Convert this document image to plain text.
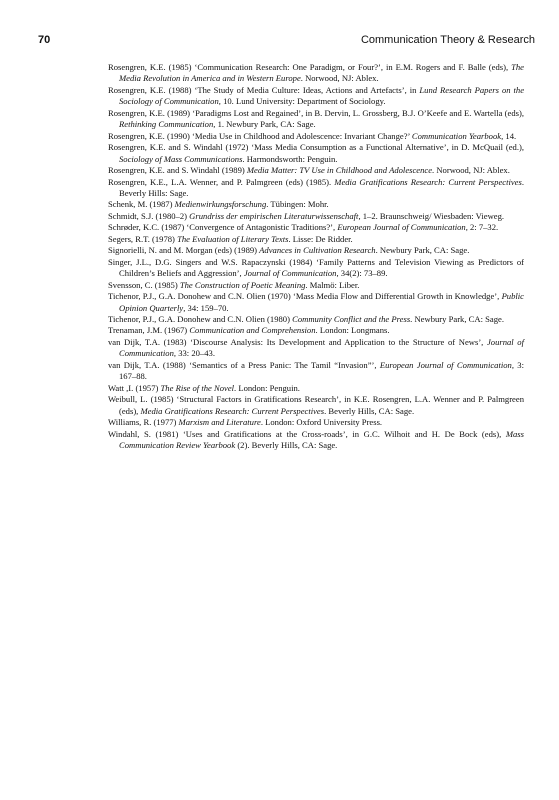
70	Communication Theory & Research

Rosengren, K.E. (1985) ‘Communication Research: One Paradigm, or Four?’, in E.M. Rogers and F. Balle (eds), The Media Revolution in America and in Western Europe. Norwood, NJ: Ablex.

Rosengren, K.E. (1988) ‘The Study of Media Culture: Ideas, Actions and Artefacts’, in Lund Research Papers on the Sociology of Communication, 10. Lund University: Department of Sociology.

Rosengren, K.E. (1989) ‘Paradigms Lost and Regained’, in B. Dervin, L. Grossberg, B.J. O’Keefe and E. Wartella (eds), Rethinking Communication, 1. Newbury Park, CA: Sage.

Rosengren, K.E. (1990) ‘Media Use in Childhood and Adolescence: Invariant Change?’ Communication Yearbook, 14.

Rosengren, K.E. and S. Windahl (1972) ‘Mass Media Consumption as a Functional Alternative’, in D. McQuail (ed.), Sociology of Mass Communications. Harmondsworth: Penguin.

Rosengren, K.E. and S. Windahl (1989) Media Matter: TV Use in Childhood and Adolescence. Norwood, NJ: Ablex.

Rosengren, K.E., L.A. Wenner, and P. Palmgreen (eds) (1985). Media Gratifications Research: Current Perspectives. Beverly Hills: Sage.

Schenk, M. (1987) Medienwirkungsforschung. Tübingen: Mohr.

Schmidt, S.J. (1980–2) Grundriss der empirischen Literaturwissenschaft, 1–2. Braunschweig/ Wiesbaden: Vieweg.

Schrøder, K.C. (1987) ‘Convergence of Antagonistic Traditions?’, European Journal of Communication, 2: 7–32.

Segers, R.T. (1978) The Evaluation of Literary Texts. Lisse: De Ridder.

Signorielli, N. and M. Morgan (eds) (1989) Advances in Cultivation Research. Newbury Park, CA: Sage.

Singer, J.L., D.G. Singers and W.S. Rapaczynski (1984) ‘Family Patterns and Television Viewing as Predictors of Children’s Beliefs and Aggression’, Journal of Communication, 34(2): 73–89.

Svensson, C. (1985) The Construction of Poetic Meaning. Malmö: Liber.

Tichenor, P.J., G.A. Donohew and C.N. Olien (1970) ‘Mass Media Flow and Differential Growth in Knowledge’, Public Opinion Quarterly, 34: 159–70.

Tichenor, P.J., G.A. Donohew and C.N. Olien (1980) Community Conflict and the Press. Newbury Park, CA: Sage.

Trenaman, J.M. (1967) Communication and Comprehension. London: Longmans.

van Dijk, T.A. (1983) ‘Discourse Analysis: Its Development and Application to the Structure of News’, Journal of Communication, 33: 20–43.

van Dijk, T.A. (1988) ‘Semantics of a Press Panic: The Tamil “Invasion”’, European Journal of Communication, 3: 167–88.

Watt ,I. (1957) The Rise of the Novel. London: Penguin.

Weibull, L. (1985) ‘Structural Factors in Gratifications Research’, in K.E. Rosengren, L.A. Wenner and P. Palmgreen (eds), Media Gratifications Research: Current Perspectives. Beverly Hills, CA: Sage.

Williams, R. (1977) Marxism and Literature. London: Oxford University Press.

Windahl, S. (1981) ‘Uses and Gratifications at the Cross-roads’, in G.C. Wilhoit and H. De Bock (eds), Mass Communication Review Yearbook (2). Beverly Hills, CA: Sage.
